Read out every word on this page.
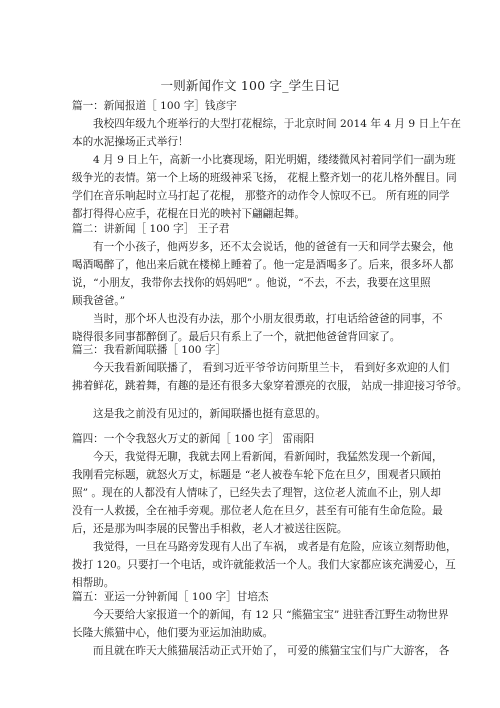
一则新闻作文 100 字_学生日记

篇一：新闻报道［ 100 字］钱彦宇

我校四年级九个班举行的大型打花棍综，于北京时间 2014 年 4 月 9 日上午在
本的水泥操场正式举行！

4 月 9 日上午，高新一小比赛现场，阳光明媚，缕缕微风衬着同学们一副为班
级争光的表情。第一个上场的班级神采飞扬， 花棍上整齐划一的花儿格外醒目。同
学们在音乐响起时立马打起了花棍， 那整齐的动作令人惊叹不已。 所有班的同学
都打得得心应手，花棍在日光的映衬下翩翩起舞。

篇二：讲新闻［ 100 字］ 王子君

有一个小孩子，他两岁多，还不太会说话，他的爸爸有一天和同学去聚会，他
喝酒喝醉了，他出来后就在楼梯上睡着了。他一定是酒喝多了。后来，很多坏人都
说，“小朋友，我带你去找你的妈妈吧” 。他说，“不去，不去，我要在这里照
顾我爸爸。”

当时，那个坏人也没有办法，那个小朋友很勇敢，打电话给爸爸的同事，不
晓得很多同事都醉倒了。最后只有系上了一个，就把他爸爸背回家了。

篇三：我看新闻联播［ 100 字］

今天我看新闻联播了， 看到习近平爷爷访问斯里兰卡， 看到好多欢迎的人们
拂着鲜花，跳着舞，有趣的是还有很多大象穿着漂亮的衣服， 站成一排迎接习爷爷。

这是我之前没有见过的，新闻联播也挺有意思的。

篇四：一个令我怒火万丈的新闻［ 100 字］ 雷雨阳

今天，我觉得无聊，我就去网上看新闻，看新闻时，我猛然发现一个新闻，
我刚看完标题，就怒火万丈，标题是 “老人被卷车轮下危在旦夕，围观者只顾拍
照” 。现在的人都没有人情味了，已经失去了理智，这位老人流血不止，别人却
没有一人救援，全在袖手旁观。那位老人危在旦夕，甚至有可能有生命危险。最
后，还是那为叫李展的民警出手相救，老人才被送往医院。

我觉得，一旦在马路旁发现有人出了车祸， 或者是有危险，应该立刻帮助他，
拨打 120。只要打一个电话，或许就能救活一个人。我们大家都应该充满爱心，互
相帮助。

篇五：亚运一分钟新闻［ 100 字］甘培杰

今天要给大家报道一个的新闻，有 12 只 “熊猫宝宝” 进驻香江野生动物世界
长隆大熊猫中心，他们要为亚运加油助威。

而且就在昨天大熊猫展活动正式开始了， 可爱的熊猫宝宝们与广大游客， 各
